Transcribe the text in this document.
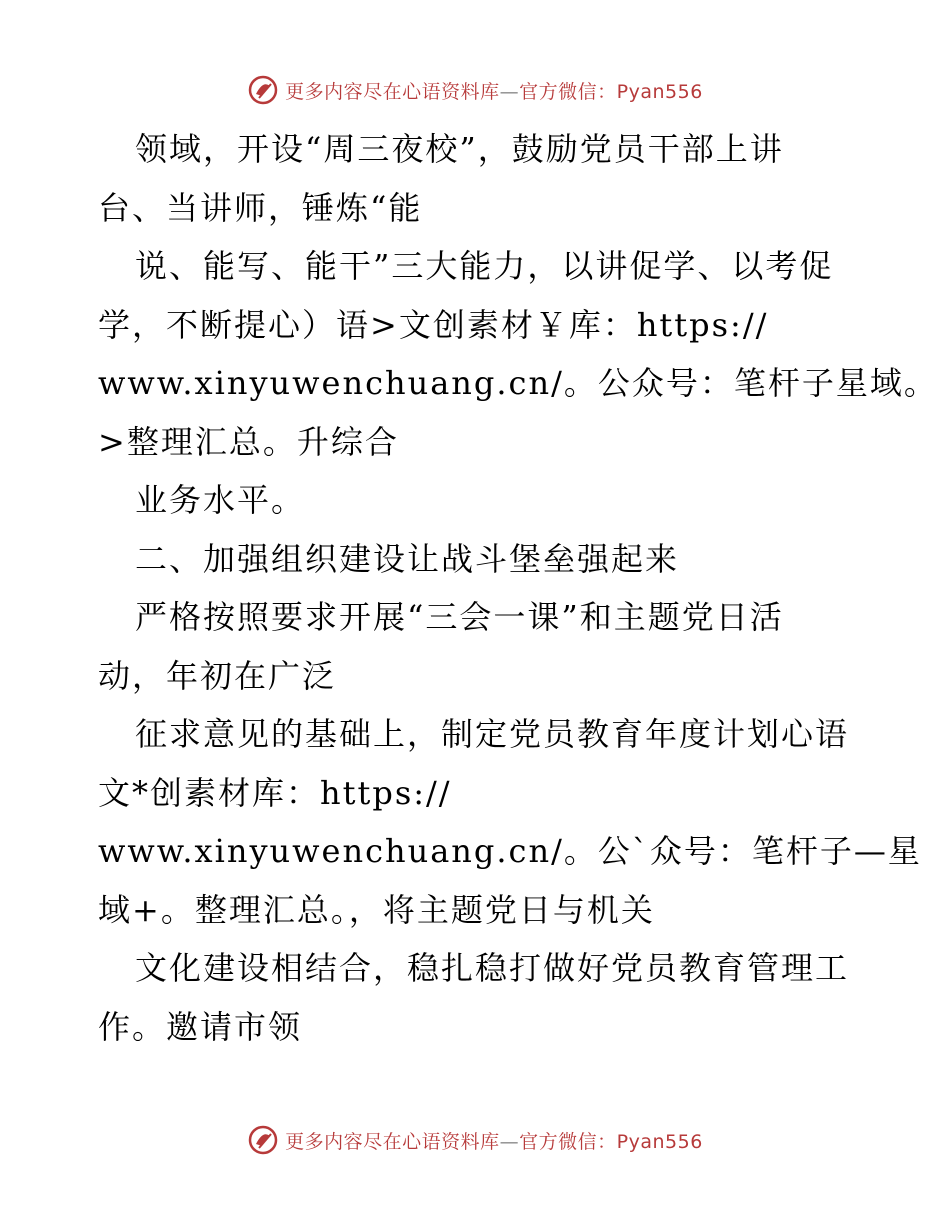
更多内容尽在心语资料库—官方微信：Pyan556
领域，开设“周三夜校”，鼓励党员干部上讲
台、当讲师，锤炼“能
说、能写、能干”三大能力，以讲促学、以考促
学，不断提心）语>文创素材￥库：https://
www.xinyuwenchuang.cn/。公众号：笔杆子星域。
>整理汇总。升综合
业务水平。
二、加强组织建设让战斗堡垒强起来
严格按照要求开展“三会一课”和主题党日活
动，年初在广泛
征求意见的基础上，制定党员教育年度计划心语
文*创素材库：https://
www.xinyuwenchuang.cn/。公`众号：笔杆子—星
域+。整理汇总。，将主题党日与机关
文化建设相结合，稳扎稳打做好党员教育管理工
作。邀请市领
更多内容尽在心语资料库—官方微信：Pyan556
